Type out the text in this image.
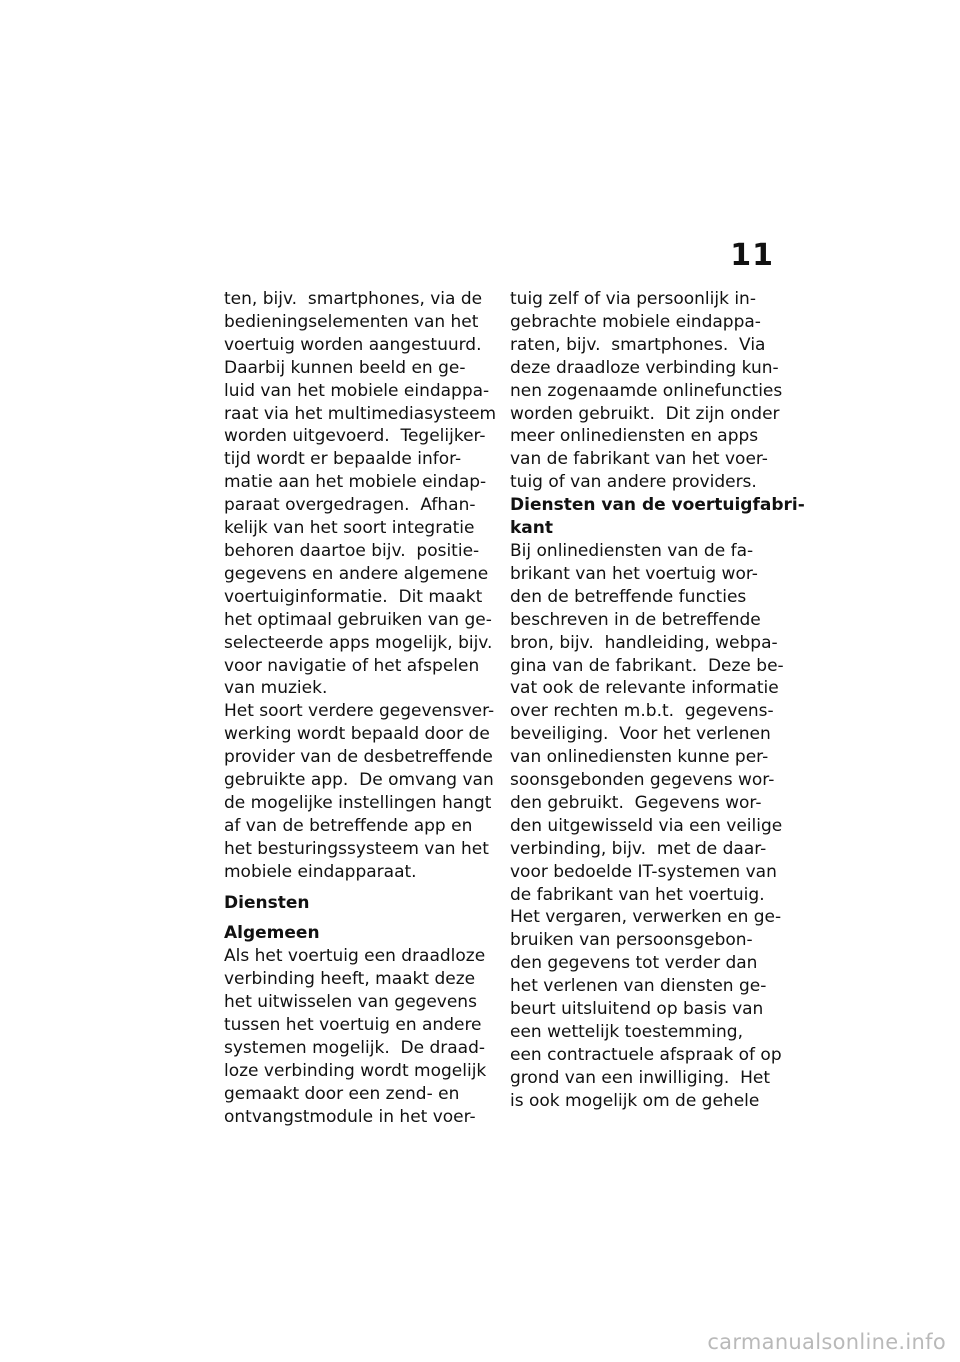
11
ten, bijv.  smartphones, via de
bedieningselementen van het
voertuig worden aangestuurd.
Daarbij kunnen beeld en ge-
luid van het mobiele eindappa-
raat via het multimediasysteem
worden uitgevoerd.  Tegelijker-
tijd wordt er bepaalde infor-
matie aan het mobiele eindap-
paraat overgedragen.  Afhan-
kelijk van het soort integratie
behoren daartoe bijv.  positie-
gegevens en andere algemene
voertuiginformatie.  Dit maakt
het optimaal gebruiken van ge-
selecteerde apps mogelijk, bijv.
voor navigatie of het afspelen
van muziek.
Het soort verdere gegevensver-
werking wordt bepaald door de
provider van de desbetreffende
gebruikte app.  De omvang van
de mogelijke instellingen hangt
af van de betreffende app en
het besturingssysteem van het
mobiele eindapparaat.
Diensten
Algemeen
Als het voertuig een draadloze
verbinding heeft, maakt deze
het uitwisselen van gegevens
tussen het voertuig en andere
systemen mogelijk.  De draad-
loze verbinding wordt mogelijk
gemaakt door een zend- en
ontvangstmodule in het voer-
tuig zelf of via persoonlijk in-
gebrachte mobiele eindappa-
raten, bijv.  smartphones.  Via
deze draadloze verbinding kun-
nen zogenaamde onlinefuncties
worden gebruikt.  Dit zijn onder
meer onlinediensten en apps
van de fabrikant van het voer-
tuig of van andere providers.
Diensten van de voertuigfabri-
kant
Bij onlinediensten van de fa-
brikant van het voertuig wor-
den de betreffende functies
beschreven in de betreffende
bron, bijv.  handleiding, webpa-
gina van de fabrikant.  Deze be-
vat ook de relevante informatie
over rechten m.b.t.  gegevens-
beveiliging.  Voor het verlenen
van onlinediensten kunne per-
soonsgebonden gegevens wor-
den gebruikt.  Gegevens wor-
den uitgewisseld via een veilige
verbinding, bijv.  met de daar-
voor bedoelde IT-systemen van
de fabrikant van het voertuig.
Het vergaren, verwerken en ge-
bruiken van persoonsgebon-
den gegevens tot verder dan
het verlenen van diensten ge-
beurt uitsluitend op basis van
een wettelijk toestemming,
een contractuele afspraak of op
grond van een inwilliging.  Het
is ook mogelijk om de gehele
carmanualsonline.info
